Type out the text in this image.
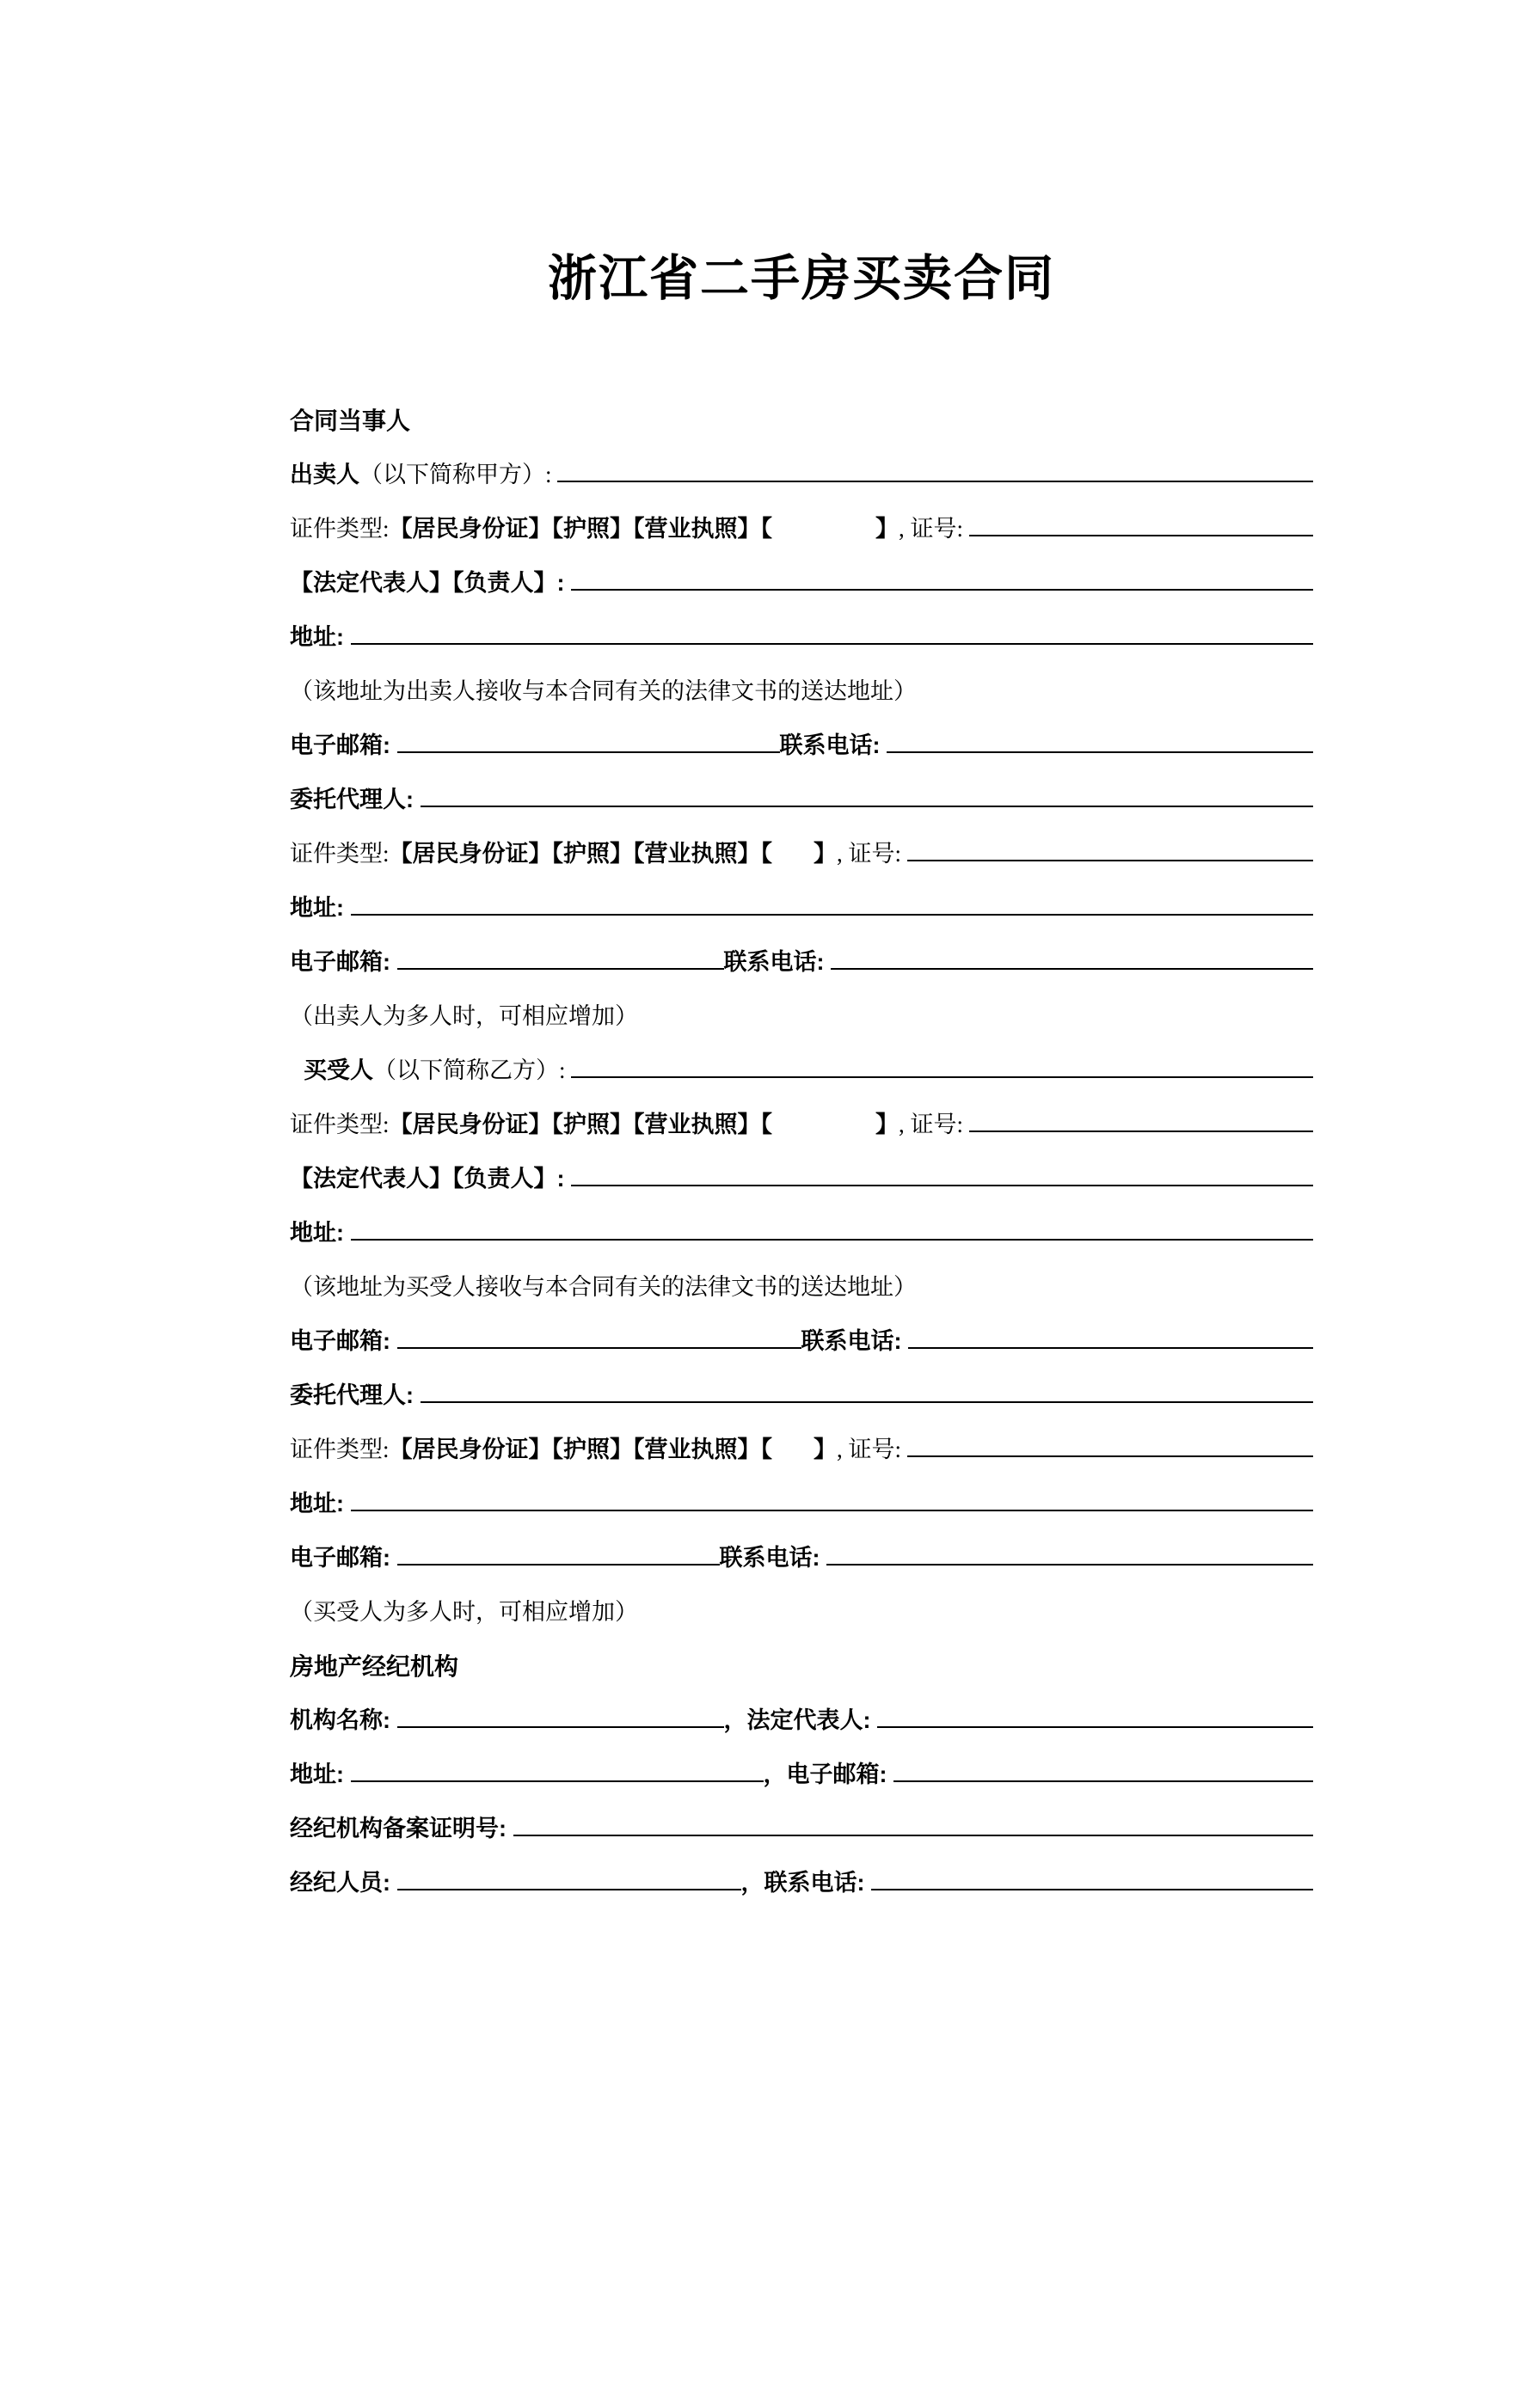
浙江省二手房买卖合同
合同当事人
出卖人 （以下简称甲方）:
证件类型: 【居民身份证】【护照】【营业执照】【	】 , 证号:
【法定代表人】【负责人】:
地址:
（该地址为出卖人接收与本合同有关的法律文书的送达地址）
电子邮箱:	联系电话:
委托代理人:
证件类型: 【居民身份证】【护照】【营业执照】【 】 , 证号:
地址:
电子邮箱:	联系电话:
（出卖人为多人时，可相应增加）
买受人 （以下简称乙方）:
证件类型: 【居民身份证】【护照】【营业执照】【	】 , 证号:
【法定代表人】【负责人】:
地址:
（该地址为买受人接收与本合同有关的法律文书的送达地址）
电子邮箱:	联系电话:
委托代理人:
证件类型: 【居民身份证】【护照】【营业执照】【 】 , 证号:
地址:
电子邮箱:	联系电话:
（买受人为多人时，可相应增加）
房地产经纪机构
机构名称:	，法定代表人:
地址:	，电子邮箱:
经纪机构备案证明号:
经纪人员:	，联系电话:
